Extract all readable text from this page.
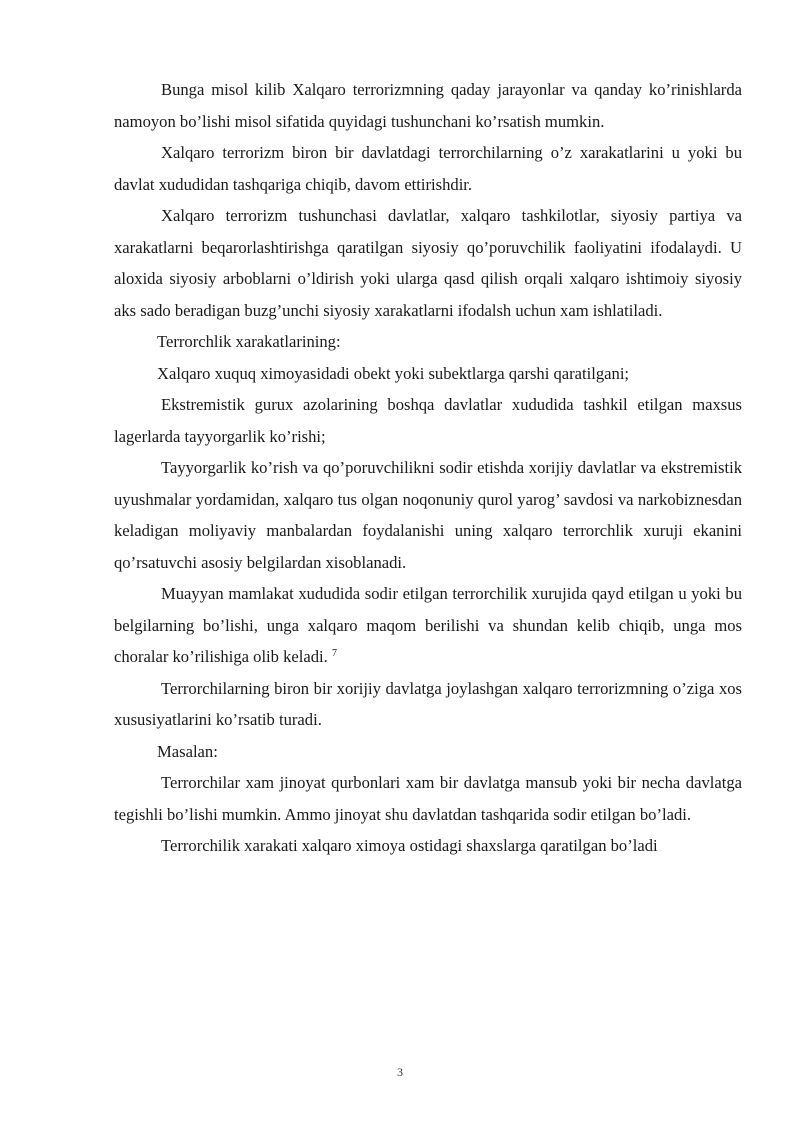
Bunga misol kilib Xalqaro terrorizmning qaday jarayonlar va qanday ko’rinishlarda namoyon bo’lishi misol sifatida quyidagi tushunchani ko’rsatish mumkin.

Xalqaro terrorizm biron bir davlatdagi terrorchilarning o’z xarakatlarini u yoki bu davlat xududidan tashqariga chiqib, davom ettirishdir.

Xalqaro terrorizm tushunchasi davlatlar, xalqaro tashkilotlar, siyosiy partiya va xarakatlarni beqarorlashtirishga qaratilgan siyosiy qo’poruvchilik faoliyatini ifodalaydi. U aloxida siyosiy arboblarni o’ldirish yoki ularga qasd qilish orqali xalqaro ishtimoiy siyosiy aks sado beradigan buzg’unchi siyosiy xarakatlarni ifodalsh uchun xam ishlatiladi.

Terrorchlik xarakatlarining:

Xalqaro xuquq ximoyasidadi obekt yoki subektlarga qarshi qaratilgani;

Ekstremistik gurux azolarining boshqa davlatlar xududida tashkil etilgan maxsus lagerlarda tayyorgarlik ko’rishi;

Tayyorgarlik ko’rish va qo’poruvchilikni sodir etishda xorijiy davlatlar va ekstremistik uyushmalar yordamidan, xalqaro tus olgan noqonuniy qurol yarog’ savdosi va narkobiznesdan keladigan moliyaviy manbalardan foydalanishi uning xalqaro terrorchlik xuruji ekanini qo’rsatuvchi asosiy belgilardan xisoblanadi.

Muayyan mamlakat xududida sodir etilgan terrorchilik xurujida qayd etilgan u yoki bu belgilarning bo’lishi, unga xalqaro maqom berilishi va shundan kelib chiqib, unga mos choralar ko’rilishiga olib keladi. $^7$

Terrorchilarning biron bir xorijiy davlatga joylashgan xalqaro terrorizmning o’ziga xos xususiyatlarini ko’rsatib turadi.

Masalan:

Terrorchilar xam jinoyat qurbonlari xam bir davlatga mansub yoki bir necha davlatga tegishli bo’lishi mumkin. Ammo jinoyat shu davlatdan tashqarida sodir etilgan bo’ladi.

Terrorchilik xarakati xalqaro ximoya ostidagi shaxslarga qaratilgan bo’ladi

3
